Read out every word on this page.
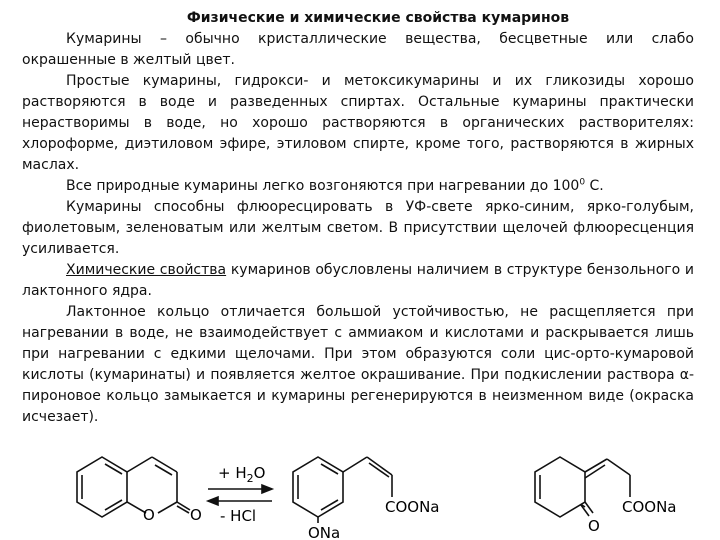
Физические и химические свойства кумаринов

Кумарины – обычно кристаллические вещества, бесцветные или слабо окрашенные в желтый цвет.

Простые кумарины, гидрокси- и метоксикумарины и их гликозиды хорошо растворяются в воде и разведенных спиртах. Остальные кумарины практически нерастворимы в воде, но хорошо растворяются в органических растворителях: хлороформе, диэтиловом эфире, этиловом спирте, кроме того, растворяются в жирных маслах.

Все природные кумарины легко возгоняются при нагревании до $100^0$ С.

Кумарины способны флюоресцировать в УФ-свете ярко-синим, ярко-голубым, фиолетовым, зеленоватым или желтым светом. В присутствии щелочей флюоресценция усиливается.

Химические свойства кумаринов обусловлены наличием в структуре бензольного и лактонного ядра.

Лактонное кольцо отличается большой устойчивостью, не расщепляется при нагревании в воде, не взаимодействует с аммиаком и кислотами и раскрывается лишь при нагревании с едкими щелочами. При этом образуются соли цис-орто-кумаровой кислоты (кумаринаты) и появляется желтое окрашивание. При подкислении раствора α-пироновое кольцо замыкается и кумарины регенерируются в неизменном виде (окраска исчезает).

O O
+ $H_2O$
- HCl	COONa
ONa
COONa
O
